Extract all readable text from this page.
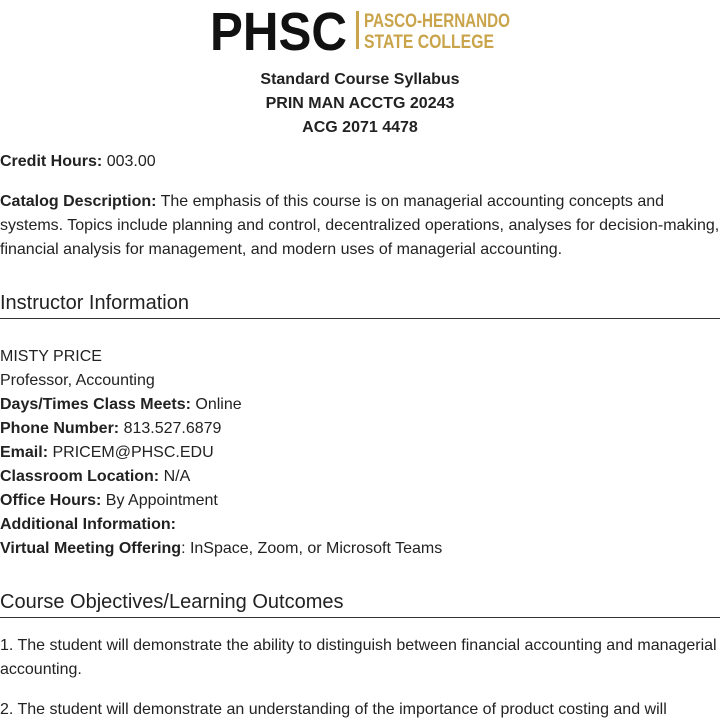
PHSC PASCO-HERNANDO
STATE COLLEGE
Standard Course Syllabus
PRIN MAN ACCTG 20243
ACG 2071 4478

Credit Hours: 003.00

Catalog Description: The emphasis of this course is on managerial accounting concepts and systems. Topics include planning and control, decentralized operations, analyses for decision-making, financial analysis for management, and modern uses of managerial accounting.

Instructor Information
MISTY PRICE
Professor, Accounting
Days/Times Class Meets: Online
Phone Number: 813.527.6879
Email: PRICEM@PHSC.EDU
Classroom Location: N/A
Office Hours: By Appointment
Additional Information:
Virtual Meeting Offering: InSpace, Zoom, or Microsoft Teams
Course Objectives/Learning Outcomes

1. The student will demonstrate the ability to distinguish between financial accounting and managerial accounting.

2. The student will demonstrate an understanding of the importance of product costing and will
